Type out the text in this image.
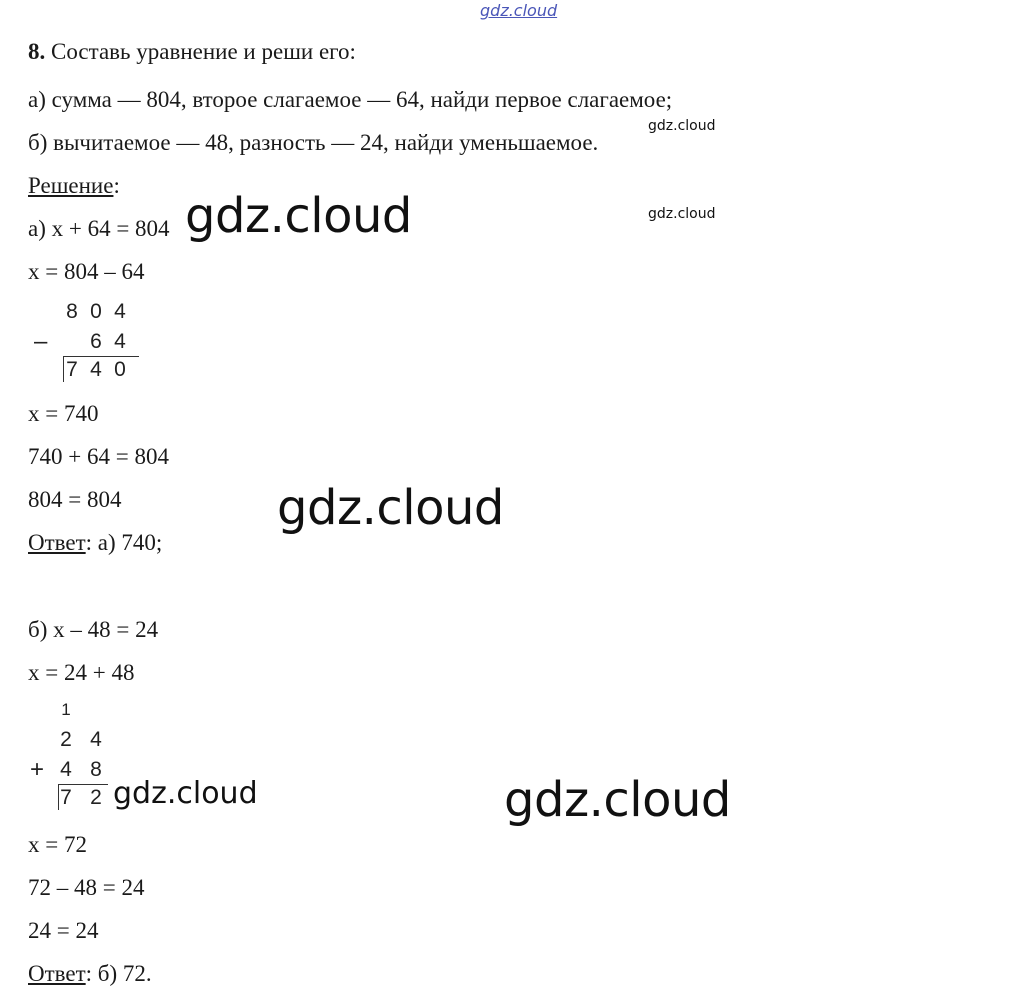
gdz.cloud
gdz.cloud
gdz.cloud
gdz.cloud
gdz.cloud
gdz.cloud	gdz.cloud
8. Составь уравнение и реши его:
а) сумма — 804, второе слагаемое — 64, найди первое слагаемое;
б) вычитаемое — 48, разность — 24, найди уменьшаемое.
Решение:
а) x + 64 = 804
x = 804 – 64
8 0 4
– 6 4
7 4 0
x = 740
740 + 64 = 804
804 = 804
Ответ: а) 740;
б) x – 48 = 24
x = 24 + 48
1
2 4
+ 4 8
7 2
x = 72
72 – 48 = 24
24 = 24
Ответ: б) 72.
